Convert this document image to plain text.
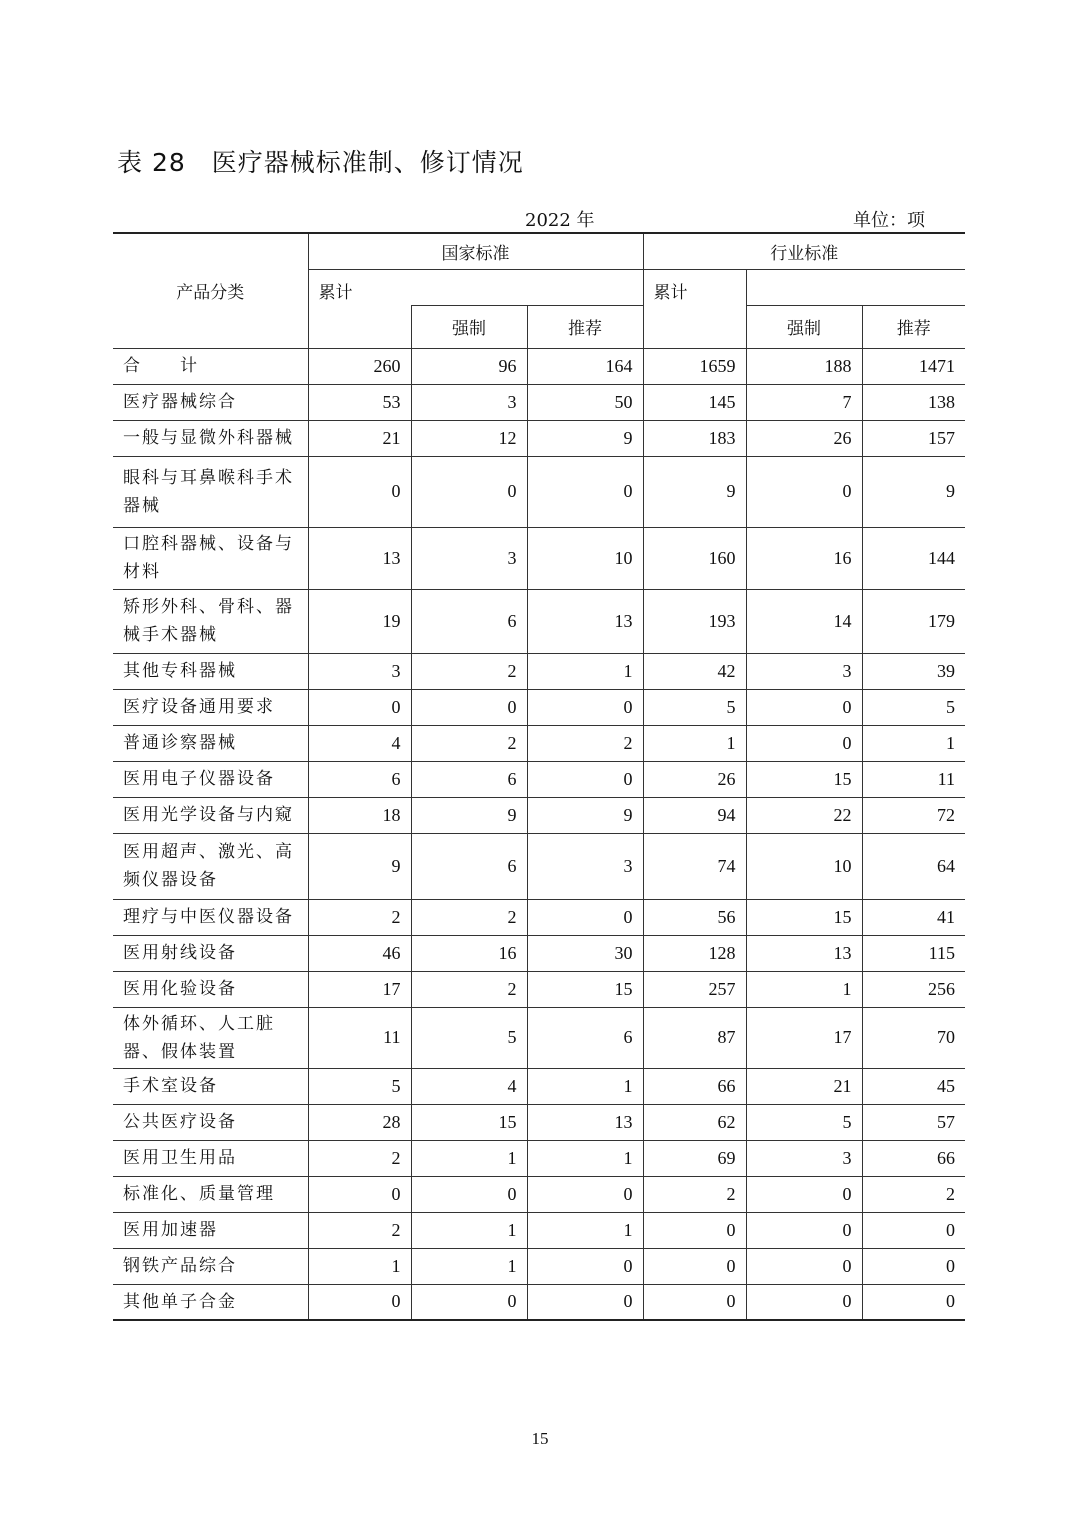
表 28　医疗器械标准制、修订情况
2022 年	单位：项
产品分类	国家标准			行业标准		
	累计			累计		
		强制	推荐		强制	推荐
合　　计	260	96	164	1659	188	1471
医疗器械综合	53	3	50	145	7	138
一般与显微外科器械	21	12	9	183	26	157
眼科与耳鼻喉科手术器械	0	0	0	9	0	9
口腔科器械、设备与材料	13	3	10	160	16	144
矫形外科、骨科、器械手术器械	19	6	13	193	14	179
其他专科器械	3	2	1	42	3	39
医疗设备通用要求	0	0	0	5	0	5
普通诊察器械	4	2	2	1	0	1
医用电子仪器设备	6	6	0	26	15	11
医用光学设备与内窥	18	9	9	94	22	72
医用超声、激光、高频仪器设备	9	6	3	74	10	64
理疗与中医仪器设备	2	2	0	56	15	41
医用射线设备	46	16	30	128	13	115
医用化验设备	17	2	15	257	1	256
体外循环、人工脏器、假体装置	11	5	6	87	17	70
手术室设备	5	4	1	66	21	45
公共医疗设备	28	15	13	62	5	57
医用卫生用品	2	1	1	69	3	66
标准化、质量管理	0	0	0	2	0	2
医用加速器	2	1	1	0	0	0
钢铁产品综合	1	1	0	0	0	0
其他单子合金	0	0	0	0	0	0
15
